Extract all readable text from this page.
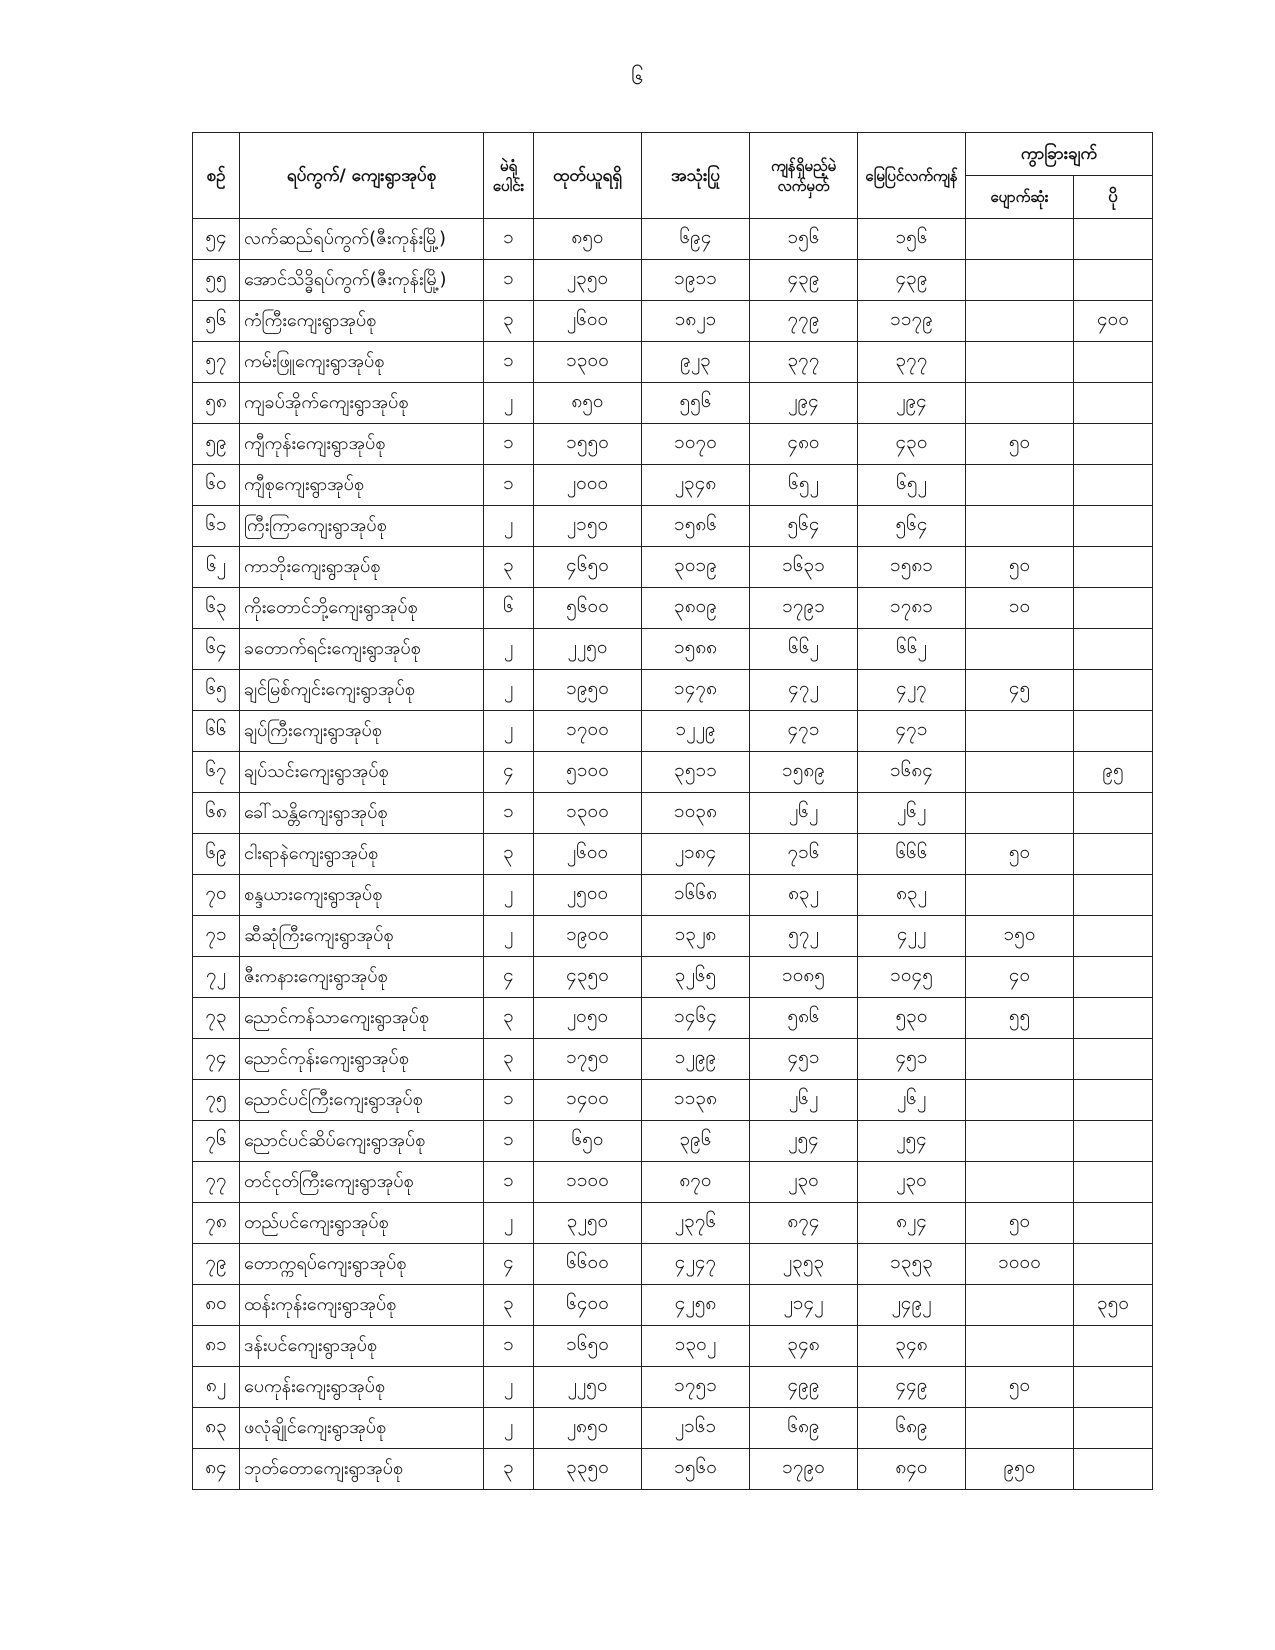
၆
စဉ်	ရပ်ကွက်/ ကျေးရွာအုပ်စု	မဲရုံပေါင်း	ထုတ်ယူရရှိ	အသုံးပြု	ကျန်ရှိမည့်မဲလက်မှတ်	မြေပြင်လက်ကျန်	ကွာခြားချက်	
							ပျောက်ဆုံး	ပို
၅၄	လက်ဆည်ရပ်ကွက်(ဇီးကုန်းမြို့)	၁	၈၅၀	၆၉၄	၁၅၆	၁၅၆		
၅၅	အောင်သိဒ္ဓိရပ်ကွက်(ဇီးကုန်းမြို့)	၁	၂၃၅၀	၁၉၁၁	၄၃၉	၄၃၉		
၅၆	ကံကြီးကျေးရွာအုပ်စု	၃	၂၆၀၀	၁၈၂၁	၇၇၉	၁၁၇၉		၄၀၀
၅၇	ကမ်းဖြူကျေးရွာအုပ်စု	၁	၁၃၀၀	၉၂၃	၃၇၇	၃၇၇		
၅၈	ကျခပ်အိုက်ကျေးရွာအုပ်စု	၂	၈၅၀	၅၅၆	၂၉၄	၂၉၄		
၅၉	ကျီကုန်းကျေးရွာအုပ်စု	၁	၁၅၅၀	၁၀၇၀	၄၈၀	၄၃၀	၅၀	
၆၀	ကျီစုကျေးရွာအုပ်စု	၁	၂၀၀၀	၂၃၄၈	၆၅၂	၆၅၂		
၆၁	ကြီးကြာကျေးရွာအုပ်စု	၂	၂၁၅၀	၁၅၈၆	၅၆၄	၅၆၄		
၆၂	ကာဘိုးကျေးရွာအုပ်စု	၃	၄၆၅၀	၃၀၁၉	၁၆၃၁	၁၅၈၁	၅၀	
၆၃	ကိုးတောင်ဘို့ကျေးရွာအုပ်စု	၆	၅၆၀၀	၃၈၀၉	၁၇၉၁	၁၇၈၁	၁၀	
၆၄	ခတောက်ရင်းကျေးရွာအုပ်စု	၂	၂၂၅၀	၁၅၈၈	၆၆၂	၆၆၂		
၆၅	ချင်မြစ်ကျင်းကျေးရွာအုပ်စု	၂	၁၉၅၀	၁၄၇၈	၄၇၂	၄၂၇	၄၅	
၆၆	ချပ်ကြီးကျေးရွာအုပ်စု	၂	၁၇၀၀	၁၂၂၉	၄၇၁	၄၇၁		
၆၇	ချပ်သင်းကျေးရွာအုပ်စု	၄	၅၁၀၀	၃၅၁၁	၁၅၈၉	၁၆၈၄		၉၅
၆၈	ခေါ်သန္တိကျေးရွာအုပ်စု	၁	၁၃၀၀	၁၀၃၈	၂၆၂	၂၆၂		
၆၉	ငါးရာနဲကျေးရွာအုပ်စု	၃	၂၆၀၀	၂၁၈၄	၇၁၆	၆၆၆	၅၀	
၇၀	စန္ဒယားကျေးရွာအုပ်စု	၂	၂၅၀၀	၁၆၆၈	၈၃၂	၈၃၂		
၇၁	ဆီဆုံကြီးကျေးရွာအုပ်စု	၂	၁၉၀၀	၁၃၂၈	၅၇၂	၄၂၂	၁၅၀	
၇၂	ဇီးကနားကျေးရွာအုပ်စု	၄	၄၃၅၀	၃၂၆၅	၁၀၈၅	၁၀၄၅	၄၀	
၇၃	ညောင်ကန်သာကျေးရွာအုပ်စု	၃	၂၀၅၀	၁၄၆၄	၅၈၆	၅၃၀	၅၅	
၇၄	ညောင်ကုန်းကျေးရွာအုပ်စု	၃	၁၇၅၀	၁၂၉၉	၄၅၁	၄၅၁		
၇၅	ညောင်ပင်ကြီးကျေးရွာအုပ်စု	၁	၁၄၀၀	၁၁၃၈	၂၆၂	၂၆၂		
၇၆	ညောင်ပင်ဆိပ်ကျေးရွာအုပ်စု	၁	၆၅၀	၃၉၆	၂၅၄	၂၅၄		
၇၇	တင်ငုတ်ကြီးကျေးရွာအုပ်စု	၁	၁၁၀၀	၈၇၀	၂၃၀	၂၃၀		
၇၈	တည်ပင်ကျေးရွာအုပ်စု	၂	၃၂၅၀	၂၃၇၆	၈၇၄	၈၂၄	၅၀	
၇၉	တောက္ကရပ်ကျေးရွာအုပ်စု	၄	၆၆၀၀	၄၂၄၇	၂၃၅၃	၁၃၅၃	၁၀၀၀	
၈၀	ထန်းကုန်းကျေးရွာအုပ်စု	၃	၆၄၀၀	၄၂၅၈	၂၁၄၂	၂၄၉၂		၃၅၀
၈၁	ဒန်းပင်ကျေးရွာအုပ်စု	၁	၁၆၅၀	၁၃၀၂	၃၄၈	၃၄၈		
၈၂	ပေကုန်းကျေးရွာအုပ်စု	၂	၂၂၅၀	၁၇၅၁	၄၉၉	၄၄၉	၅၀	
၈၃	ဖလုံချိုင်ကျေးရွာအုပ်စု	၂	၂၈၅၀	၂၁၆၁	၆၈၉	၆၈၉		
၈၄	ဘုတ်တောကျေးရွာအုပ်စု	၃	၃၃၅၀	၁၅၆၀	၁၇၉၀	၈၄၀	၉၅၀	
